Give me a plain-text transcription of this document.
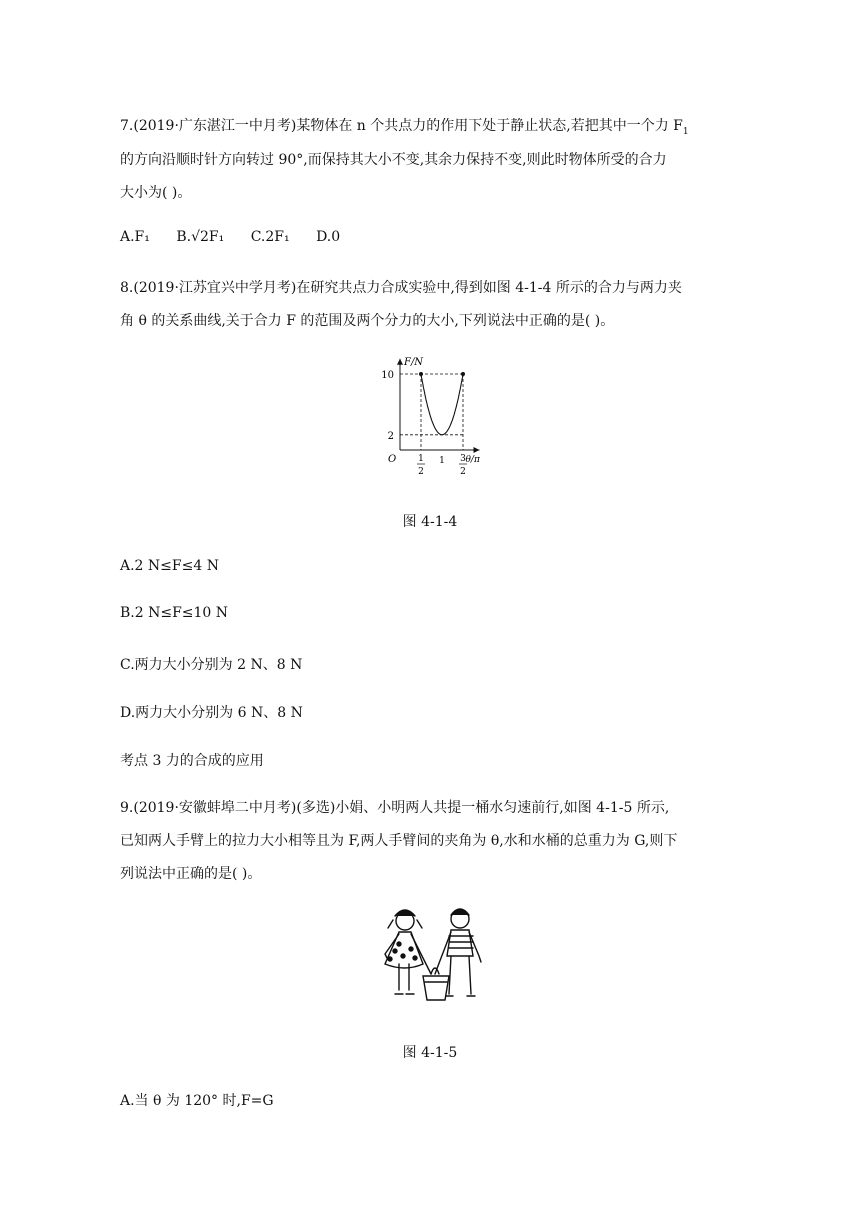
7.(2019·广东湛江一中月考)某物体在 n 个共点力的作用下处于静止状态,若把其中一个力 $F_1$
的方向沿顺时针方向转过 90°,而保持其大小不变,其余力保持不变,则此时物体所受的合力
大小为( )。
A.F₁ B.√2F₁ C.2F₁ D.0
8.(2019·江苏宜兴中学月考)在研究共点力合成实验中,得到如图 4-1-4 所示的合力与两力夹
角 θ 的关系曲线,关于合力 F 的范围及两个分力的大小,下列说法中正确的是( )。
F/N
θ/π
O
2
10
1
2
1 3
2
图 4-1-4
A.2 N≤F≤4 N
B.2 N≤F≤10 N
C.两力大小分别为 2 N、8 N
D.两力大小分别为 6 N、8 N
考点 3 力的合成的应用
9.(2019·安徽蚌埠二中月考)(多选)小娟、小明两人共提一桶水匀速前行,如图 4-1-5 所示,
已知两人手臂上的拉力大小相等且为 F,两人手臂间的夹角为 θ,水和水桶的总重力为 G,则下
列说法中正确的是( )。
图 4-1-5
A.当 θ 为 120° 时,F=G
